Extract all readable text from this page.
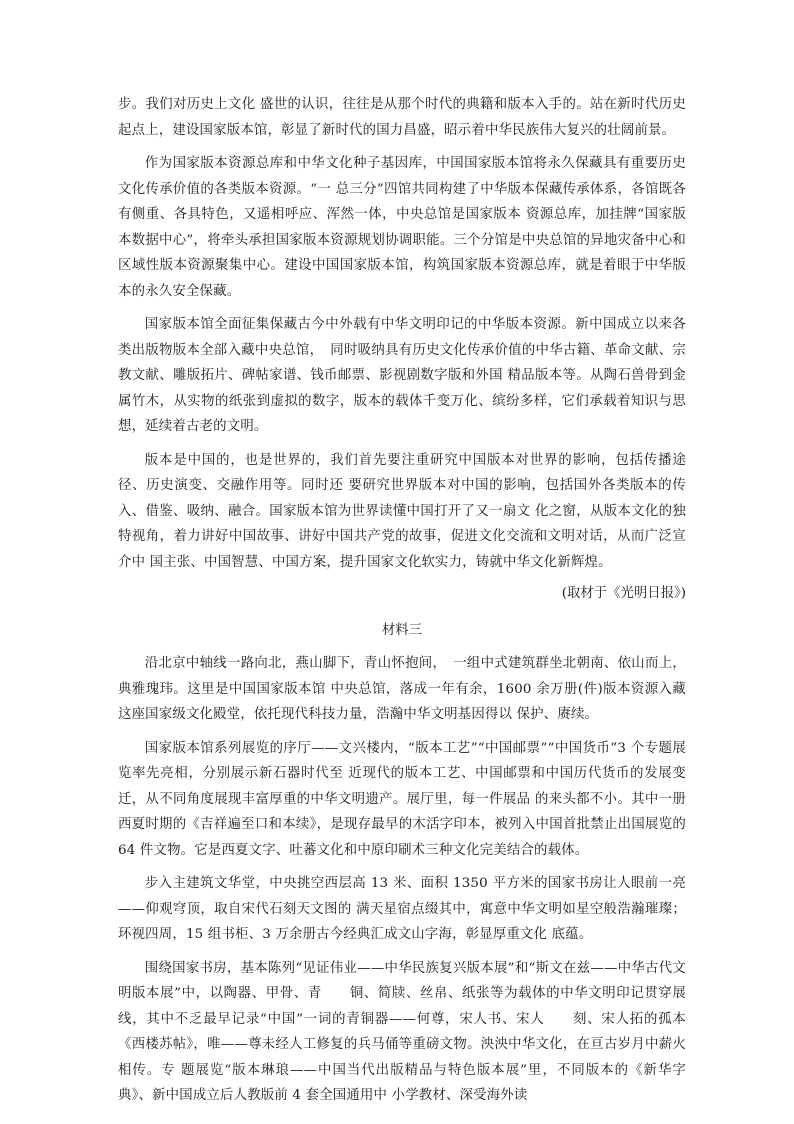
步。我们对历史上文化 盛世的认识，往往是从那个时代的典籍和版本入手的。站在新时代历史起点上，建设国家版本馆，彰显了新时代的国力昌盛，昭示着中华民族伟大复兴的壮阔前景。

作为国家版本资源总库和中华文化种子基因库，中国国家版本馆将永久保藏具有重要历史文化传承价值的各类版本资源。“一 总三分”四馆共同构建了中华版本保藏传承体系，各馆既各有侧重、各具特色，又遥相呼应、浑然一体，中央总馆是国家版本 资源总库，加挂牌“国家版本数据中心”，将牵头承担国家版本资源规划协调职能。三个分馆是中央总馆的异地灾备中心和　　区域性版本资源聚集中心。建设中国国家版本馆，构筑国家版本资源总库，就是着眼于中华版本的永久安全保藏。

国家版本馆全面征集保藏古今中外载有中华文明印记的中华版本资源。新中国成立以来各类出版物版本全部入藏中央总馆，　同时吸纳具有历史文化传承价值的中华古籍、革命文献、宗教文献、雕版拓片、碑帖家谱、钱币邮票、影视剧数字版和外国 精品版本等。从陶石兽骨到金属竹木，从实物的纸张到虚拟的数字，版本的载体千变万化、缤纷多样，它们承载着知识与思想，延续着古老的文明。

版本是中国的，也是世界的，我们首先要注重研究中国版本对世界的影响，包括传播途径、历史演变、交融作用等。同时还 要研究世界版本对中国的影响，包括国外各类版本的传入、借鉴、吸纳、融合。国家版本馆为世界读懂中国打开了又一扇文 化之窗，从版本文化的独特视角，着力讲好中国故事、讲好中国共产党的故事，促进文化交流和文明对话，从而广泛宣介中 国主张、中国智慧、中国方案，提升国家文化软实力，铸就中华文化新辉煌。

(取材于《光明日报》)

材料三

沿北京中轴线一路向北，燕山脚下，青山怀抱间，　一组中式建筑群坐北朝南、依山而上，典雅瑰玮。这里是中国国家版本馆 中央总馆，落成一年有余，1600 余万册(件)版本资源入藏这座国家级文化殿堂，依托现代科技力量，浩瀚中华文明基因得以 保护、赓续。

国家版本馆系列展览的序厅——文兴楼内，“版本工艺”“中国邮票”“中国货币”3 个专题展览率先亮相，分别展示新石器时代至 近现代的版本工艺、中国邮票和中国历代货币的发展变迁，从不同角度展现丰富厚重的中华文明遗产。展厅里，每一件展品 的来头都不小。其中一册西夏时期的《吉祥遍至口和本续》，是现存最早的木活字印本，被列入中国首批禁止出国展览的 64 件文物。它是西夏文字、吐蕃文化和中原印刷术三种文化完美结合的载体。

步入主建筑文华堂，中央挑空西层高 13 米、面积 1350 平方米的国家书房让人眼前一亮——仰观穹顶，取自宋代石刻天文图的 满天星宿点缀其中，寓意中华文明如星空般浩瀚璀璨；环视四周，15 组书柜、3 万余册古今经典汇成文山字海，彰显厚重文化 底蕴。

围绕国家书房，基本陈列“见证伟业——中华民族复兴版本展”和“斯文在兹——中华古代文明版本展”中，以陶器、甲骨、青　　铜、简牍、丝帛、纸张等为载体的中华文明印记贯穿展线，其中不乏最早记录“中国”一词的青铜器——何尊，宋人书、宋人　　刻、宋人拓的孤本《西楼苏帖》，唯——尊未经人工修复的兵马俑等重磅文物。泱泱中华文化，在亘古岁月中薪火相传。专 题展览“版本琳琅——中国当代出版精品与特色版本展”里，不同版本的《新华字典》、新中国成立后人教版前 4 套全国通用中 小学教材、深受海外读
